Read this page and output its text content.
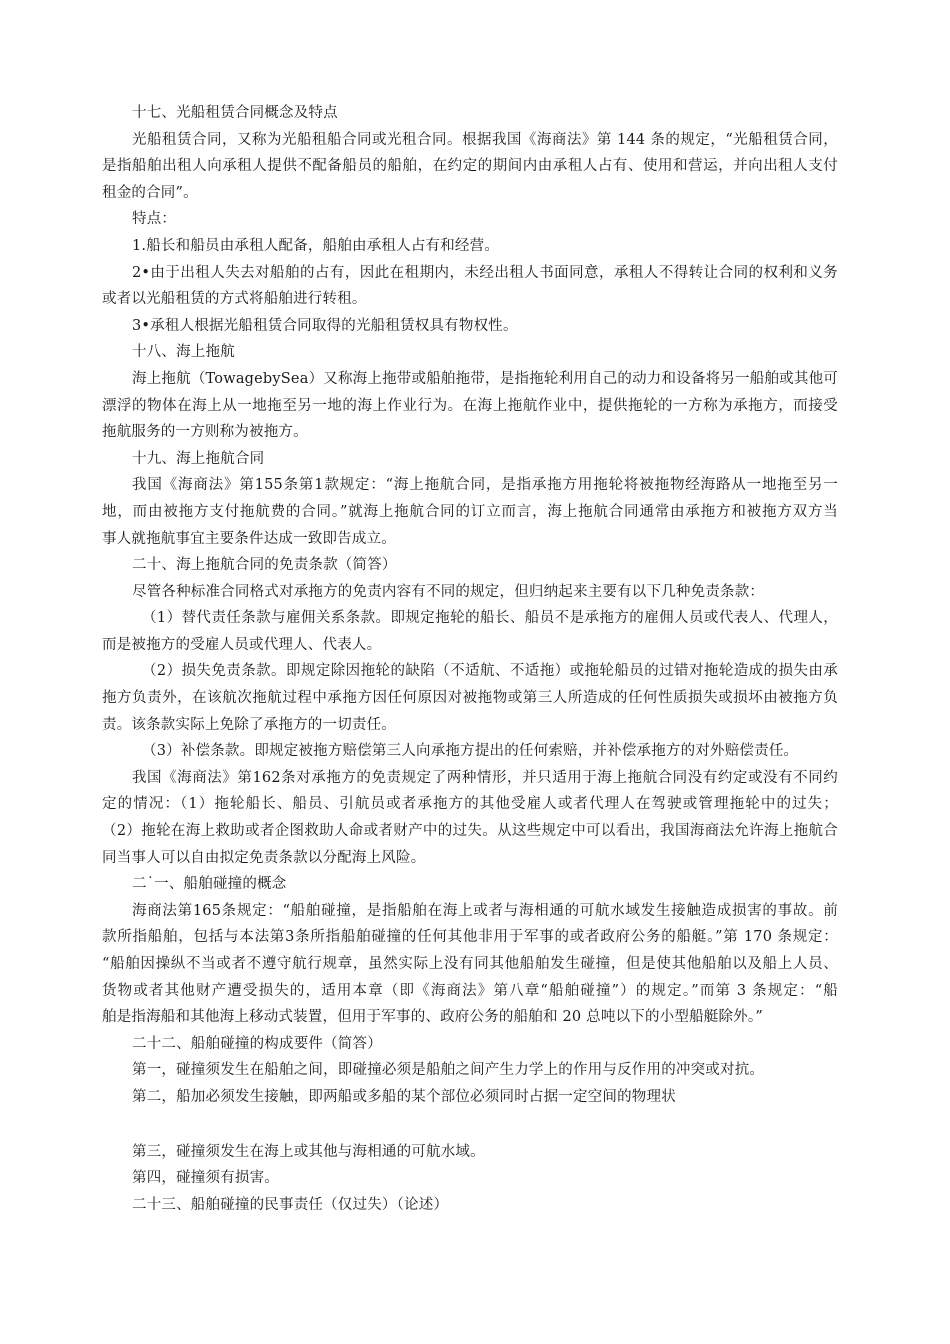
十七、光船租赁合同概念及特点
光船租赁合同，又称为光船租船合同或光租合同。根据我国《海商法》第 144 条的规定，“光船租赁合同，
是指船舶出租人向承租人提供不配备船员的船舶，在约定的期间内由承租人占有、使用和营运，并向出租人支付
租金的合同”。
特点：
1.船长和船员由承租人配备，船舶由承租人占有和经营。
2•由于出租人失去对船舶的占有，因此在租期内，未经出租人书面同意，承租人不得转让合同的权利和义务
或者以光船租赁的方式将船舶进行转租。
3•承租人根据光船租赁合同取得的光船租赁权具有物权性。
十八、海上拖航
海上拖航（TowagebySea）又称海上拖带或船舶拖带，是指拖轮利用自己的动力和设备将另一船舶或其他可
漂浮的物体在海上从一地拖至另一地的海上作业行为。在海上拖航作业中，提供拖轮的一方称为承拖方，而接受
拖航服务的一方则称为被拖方。
十九、海上拖航合同
我国《海商法》第155条第1款规定：“海上拖航合同，是指承拖方用拖轮将被拖物经海路从一地拖至另一
地，而由被拖方支付拖航费的合同。”就海上拖航合同的订立而言，海上拖航合同通常由承拖方和被拖方双方当
事人就拖航事宜主要条件达成一致即告成立。
二十、海上拖航合同的免责条款（简答）
尽管各种标准合同格式对承拖方的免责内容有不同的规定，但归纳起来主要有以下几种免责条款：
（1）替代责任条款与雇佣关系条款。即规定拖轮的船长、船员不是承拖方的雇佣人员或代表人、代理人，
而是被拖方的受雇人员或代理人、代表人。
（2）损失免责条款。即规定除因拖轮的缺陷（不适航、不适拖）或拖轮船员的过错对拖轮造成的损失由承
拖方负责外，在该航次拖航过程中承拖方因任何原因对被拖物或第三人所造成的任何性质损失或损坏由被拖方负
责。该条款实际上免除了承拖方的一切责任。
（3）补偿条款。即规定被拖方赔偿第三人向承拖方提出的任何索赔，并补偿承拖方的对外赔偿责任。
我国《海商法》第162条对承拖方的免责规定了两种情形，并只适用于海上拖航合同没有约定或没有不同约
定的情况：（1）拖轮船长、船员、引航员或者承拖方的其他受雇人或者代理人在驾驶或管理拖轮中的过失；
（2）拖轮在海上救助或者企图救助人命或者财产中的过失。从这些规定中可以看出，我国海商法允许海上拖航合
同当事人可以自由拟定免责条款以分配海上风险。
二˙一、船舶碰撞的概念
海商法第165条规定：“船舶碰撞，是指船舶在海上或者与海相通的可航水域发生接触造成损害的事故。前
款所指船舶，包括与本法第3条所指船舶碰撞的任何其他非用于军事的或者政府公务的船艇。”第 170 条规定：
“船舶因操纵不当或者不遵守航行规章，虽然实际上没有同其他船舶发生碰撞，但是使其他船舶以及船上人员、
货物或者其他财产遭受损失的，适用本章（即《海商法》第八章“船舶碰撞”）的规定。”而第 3 条规定：“船
舶是指海船和其他海上移动式装置，但用于军事的、政府公务的船舶和 20 总吨以下的小型船艇除外。”
二十二、船舶碰撞的构成要件（简答）
第一，碰撞须发生在船舶之间，即碰撞必须是船舶之间产生力学上的作用与反作用的冲突或对抗。
第二，船加必须发生接触，即两船或多船的某个部位必须同时占据一定空间的物理状
第三，碰撞须发生在海上或其他与海相通的可航水域。
第四，碰撞须有损害。
二十三、船舶碰撞的民事责任（仅过失）（论述）
